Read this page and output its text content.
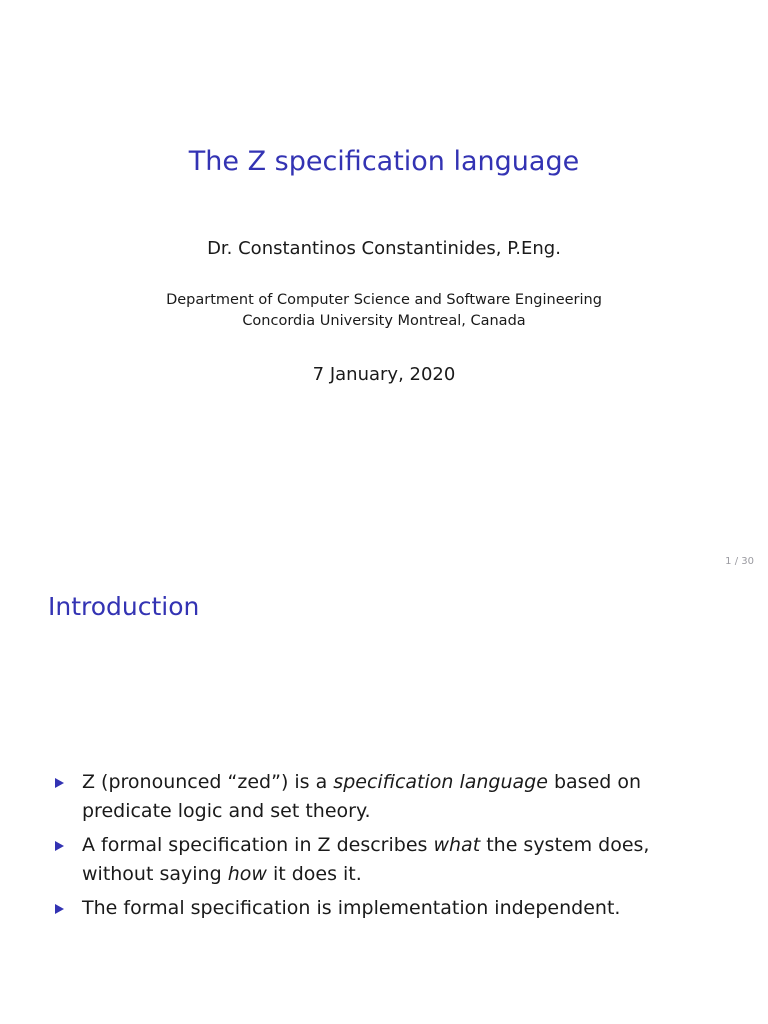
The Z specification language
Dr. Constantinos Constantinides, P.Eng.
Department of Computer Science and Software Engineering
Concordia University Montreal, Canada
7 January, 2020
1 / 30
Introduction
Z (pronounced “zed”) is a specification language based on
predicate logic and set theory.
A formal specification in Z describes what the system does,
without saying how it does it.
The formal specification is implementation independent.
